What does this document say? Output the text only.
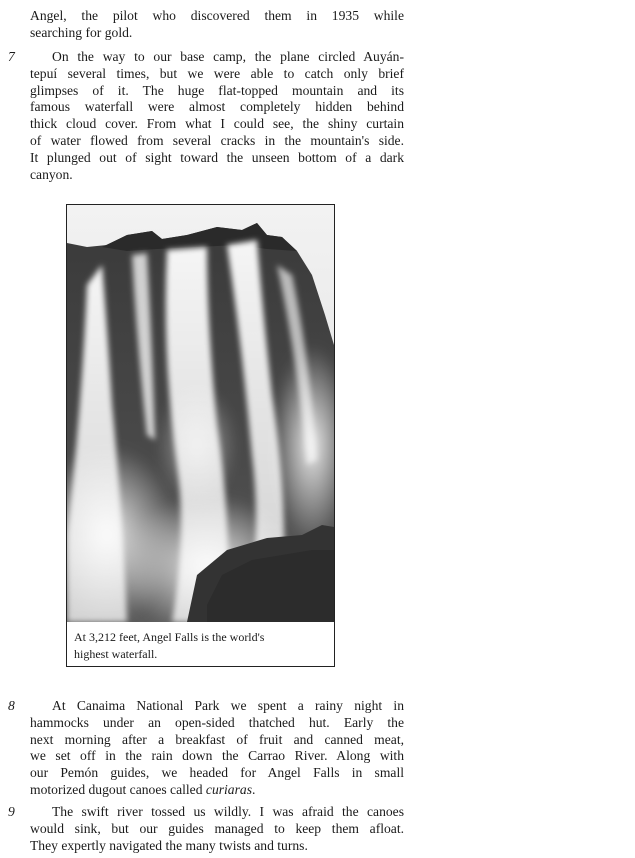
Angel, the pilot who discovered them in 1935 while
searching for gold.
7	On the way to our base camp, the plane circled Auyán-
tepuí several times, but we were able to catch only brief
glimpses of it. The huge flat-topped mountain and its
famous waterfall were almost completely hidden behind
thick cloud cover. From what I could see, the shiny curtain
of water flowed from several cracks in the mountain's side.
It plunged out of sight toward the unseen bottom of a dark
canyon.
At 3,212 feet, Angel Falls is the world's
highest waterfall.
8	At Canaima National Park we spent a rainy night in
hammocks under an open-sided thatched hut. Early the
next morning after a breakfast of fruit and canned meat,
we set off in the rain down the Carrao River. Along with
our Pemón guides, we headed for Angel Falls in small
motorized dugout canoes called curiaras.
9	The swift river tossed us wildly. I was afraid the canoes
would sink, but our guides managed to keep them afloat.
They expertly navigated the many twists and turns.
